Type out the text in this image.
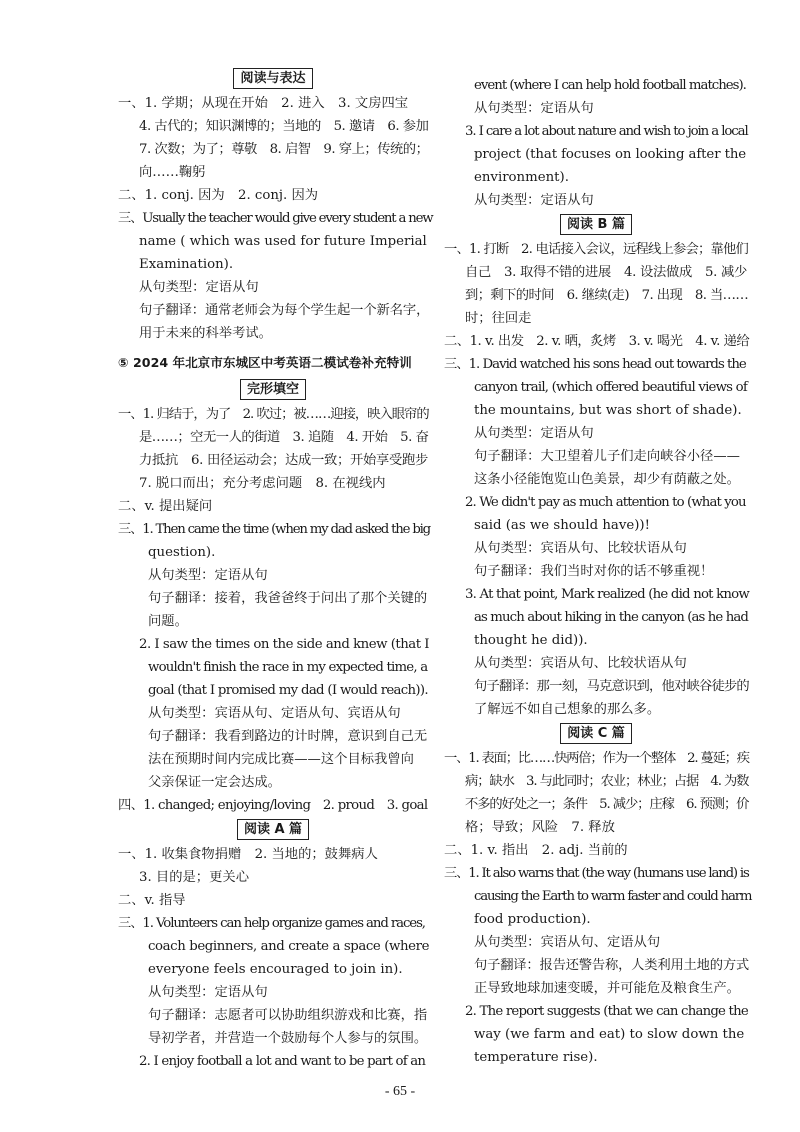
阅读与表达
一、1. 学期；从现在开始　2. 进入　3. 文房四宝
4. 古代的；知识渊博的；当地的　5. 邀请　6. 参加
7. 次数；为了；尊敬　8. 启智　9. 穿上；传统的；
向……鞠躬
二、1. conj. 因为　2. conj. 因为
三、Usually the teacher would give every student a new
name ( which was used for future Imperial
Examination).
从句类型：定语从句
句子翻译：通常老师会为每个学生起一个新名字，
用于未来的科举考试。
⑤ 2024 年北京市东城区中考英语二模试卷补充特训
完形填空
一、1. 归结于，为了　2. 吹过；被……迎接，映入眼帘的
是……；空无一人的街道　3. 追随　4. 开始　5. 奋
力抵抗　6. 田径运动会；达成一致；开始享受跑步
7. 脱口而出；充分考虑问题　8. 在视线内
二、v. 提出疑问
三、1. Then came the time (when my dad asked the big
question).
从句类型：定语从句
句子翻译：接着，我爸爸终于问出了那个关键的
问题。
2. I saw the times on the side and knew (that I
wouldn't finish the race in my expected time, a
goal (that I promised my dad (I would reach)).
从句类型：宾语从句、定语从句、宾语从句
句子翻译：我看到路边的计时牌，意识到自己无
法在预期时间内完成比赛——这个目标我曾向
父亲保证一定会达成。
四、1. changed; enjoying/loving　2. proud　3. goal
阅读 A 篇
一、1. 收集食物捐赠　2. 当地的；鼓舞病人
3. 目的是；更关心
二、v. 指导
三、1. Volunteers can help organize games and races,
coach beginners, and create a space (where
everyone feels encouraged to join in).
从句类型：定语从句
句子翻译：志愿者可以协助组织游戏和比赛，指
导初学者，并营造一个鼓励每个人参与的氛围。
2. I enjoy football a lot and want to be part of an
event (where I can help hold football matches).
从句类型：定语从句
3. I care a lot about nature and wish to join a local
project (that focuses on looking after the
environment).
从句类型：定语从句
阅读 B 篇
一、1. 打断　2. 电话接入会议，远程线上参会；靠他们
自己　3. 取得不错的进展　4. 设法做成　5. 减少
到；剩下的时间　6. 继续(走)　7. 出现　8. 当……
时；往回走
二、1. v. 出发　2. v. 晒，炙烤　3. v. 喝光　4. v. 递给
三、1. David watched his sons head out towards the
canyon trail, (which offered beautiful views of
the mountains, but was short of shade).
从句类型：定语从句
句子翻译：大卫望着儿子们走向峡谷小径——
这条小径能饱览山色美景，却少有荫蔽之处。
2. We didn't pay as much attention to (what you
said (as we should have))!
从句类型：宾语从句、比较状语从句
句子翻译：我们当时对你的话不够重视！
3. At that point, Mark realized (he did not know
as much about hiking in the canyon (as he had
thought he did)).
从句类型：宾语从句、比较状语从句
句子翻译：那一刻，马克意识到，他对峡谷徒步的
了解远不如自己想象的那么多。
阅读 C 篇
一、1. 表面；比……快两倍；作为一个整体　2. 蔓延；疾
病；缺水　3. 与此同时；农业；林业；占据　4. 为数
不多的好处之一；条件　5. 减少；庄稼　6. 预测；价
格；导致；风险　7. 释放
二、1. v. 指出　2. adj. 当前的
三、1. It also warns that (the way (humans use land) is
causing the Earth to warm faster and could harm
food production).
从句类型：宾语从句、定语从句
句子翻译：报告还警告称，人类利用土地的方式
正导致地球加速变暖，并可能危及粮食生产。
2. The report suggests (that we can change the
way (we farm and eat) to slow down the
temperature rise).
- 65 -
